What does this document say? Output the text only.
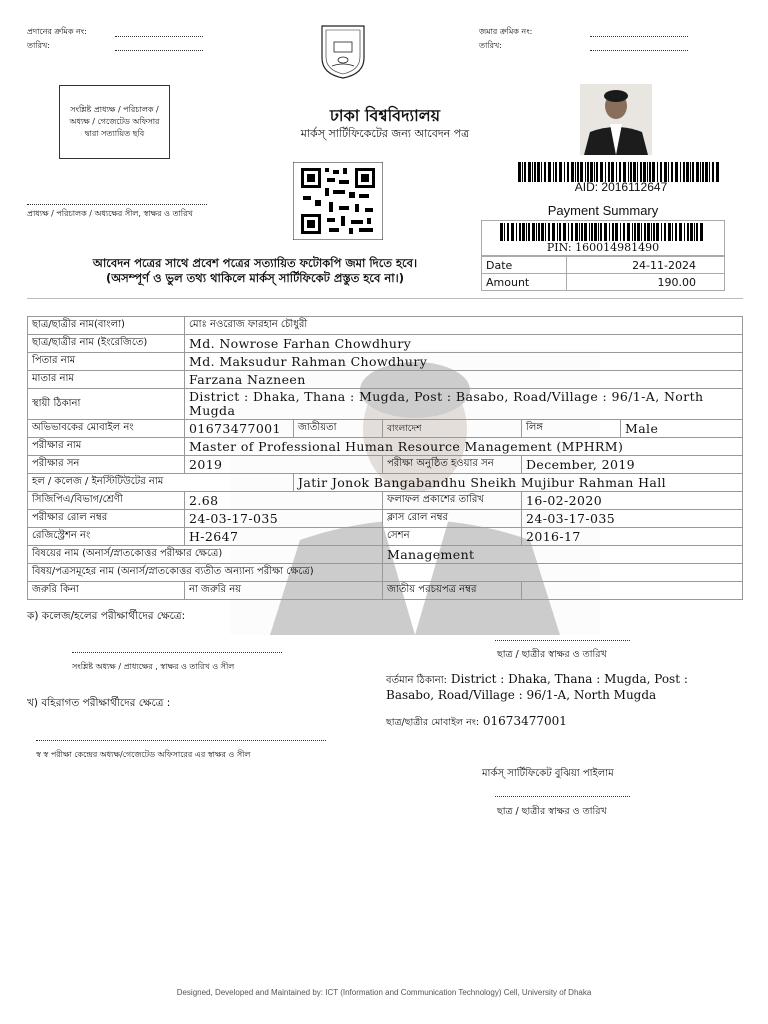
প্রদানের ক্রমিক নং:
তারিখ:
জমার ক্রমিক নং:
তারিখ:
সংশ্লিষ্ট প্রাধ্যক্ষ / পরিচালক / অধ্যক্ষ / গেজেটেড অফিসার দ্বারা সত্যায়িত ছবি
প্রাধ্যক্ষ / পরিচালক / অধ্যক্ষের সীল, স্বাক্ষর ও তারিখ
ঢাকা বিশ্ববিদ্যালয়
মার্কস্ সার্টিফিকেটের জন্য আবেদন পত্র
AID: 2016112647
Payment Summary
PIN: 160014981490
Date	24-11-2024
Amount	190.00
আবেদন পত্রের সাথে প্রবেশ পত্রের সত্যায়িত ফটোকপি জমা দিতে হবে।
(অসম্পূর্ণ ও ভুল তথ্য থাকিলে মার্কস্ সার্টিফিকেট প্রস্তুত হবে না।)
ছাত্র/ছাত্রীর নাম(বাংলা)	মোঃ নওরোজ ফারহান চৌধুরী				
ছাত্র/ছাত্রীর নাম (ইংরেজিতে)	Md. Nowrose Farhan Chowdhury				
পিতার নাম	Md. Maksudur Rahman Chowdhury				
মাতার নাম	Farzana Nazneen				
স্থায়ী ঠিকানা	District : Dhaka, Thana : Mugda, Post : Basabo, Road/Village : 96/1-A, North Mugda				
অভিভাবকের মোবাইল নং	01673477001	জাতীয়তা	বাংলাদেশ	লিঙ্গ	Male
পরীক্ষার নাম	Master of Professional Human Resource Management (MPHRM)				
পরীক্ষার সন	2019		পরীক্ষা অনুষ্ঠিত হওয়ার সন	December, 2019	
হল / কলেজ / ইনস্টিটিউটের নাম		Jatir Jonok Bangabandhu Sheikh Mujibur Rahman Hall			
সিজিপিএ/বিভাগ/শ্রেণী	2.68		ফলাফল প্রকাশের তারিখ	16-02-2020	
পরীক্ষার রোল নম্বর	24-03-17-035		ক্লাস রোল নম্বর	24-03-17-035	
রেজিস্ট্রেশন নং	H-2647		সেশন	2016-17	
বিষয়ের নাম (অনার্স/স্নাতকোত্তর পরীক্ষার ক্ষেত্রে)			Management		
বিষয়/পত্রসমূহের নাম (অনার্স/স্নাতকোত্তর ব্যতীত অন্যান্য পরীক্ষা ক্ষেত্রে)					
জরুরি কিনা	না জরুরি নয়		জাতীয় পরচয়পত্র নম্বর		
ক) কলেজ/হলের পরীক্ষার্থীদের ক্ষেত্রে:
সংশ্লিষ্ট অধ্যক্ষ / প্রাধ্যক্ষের , স্বাক্ষর ও তারিখ ও সীল
ছাত্র / ছাত্রীর স্বাক্ষর ও তারিখ
বর্তমান ঠিকানা: District : Dhaka, Thana : Mugda, Post :
Basabo, Road/Village : 96/1-A, North Mugda
ছাত্র/ছাত্রীর মোবাইল নং: 01673477001
খ) বহিরাগত পরীক্ষার্থীদের ক্ষেত্রে :
স্ব স্ব পরীক্ষা কেন্দ্রের অধ্যক্ষ/গেজেটেড অফিসারের এর স্বাক্ষর ও সীল
মার্কস্ সার্টিফিকেট বুঝিয়া পাইলাম
ছাত্র / ছাত্রীর স্বাক্ষর ও তারিখ
Designed, Developed and Maintained by: ICT (Information and Communication Technology) Cell, University of Dhaka
